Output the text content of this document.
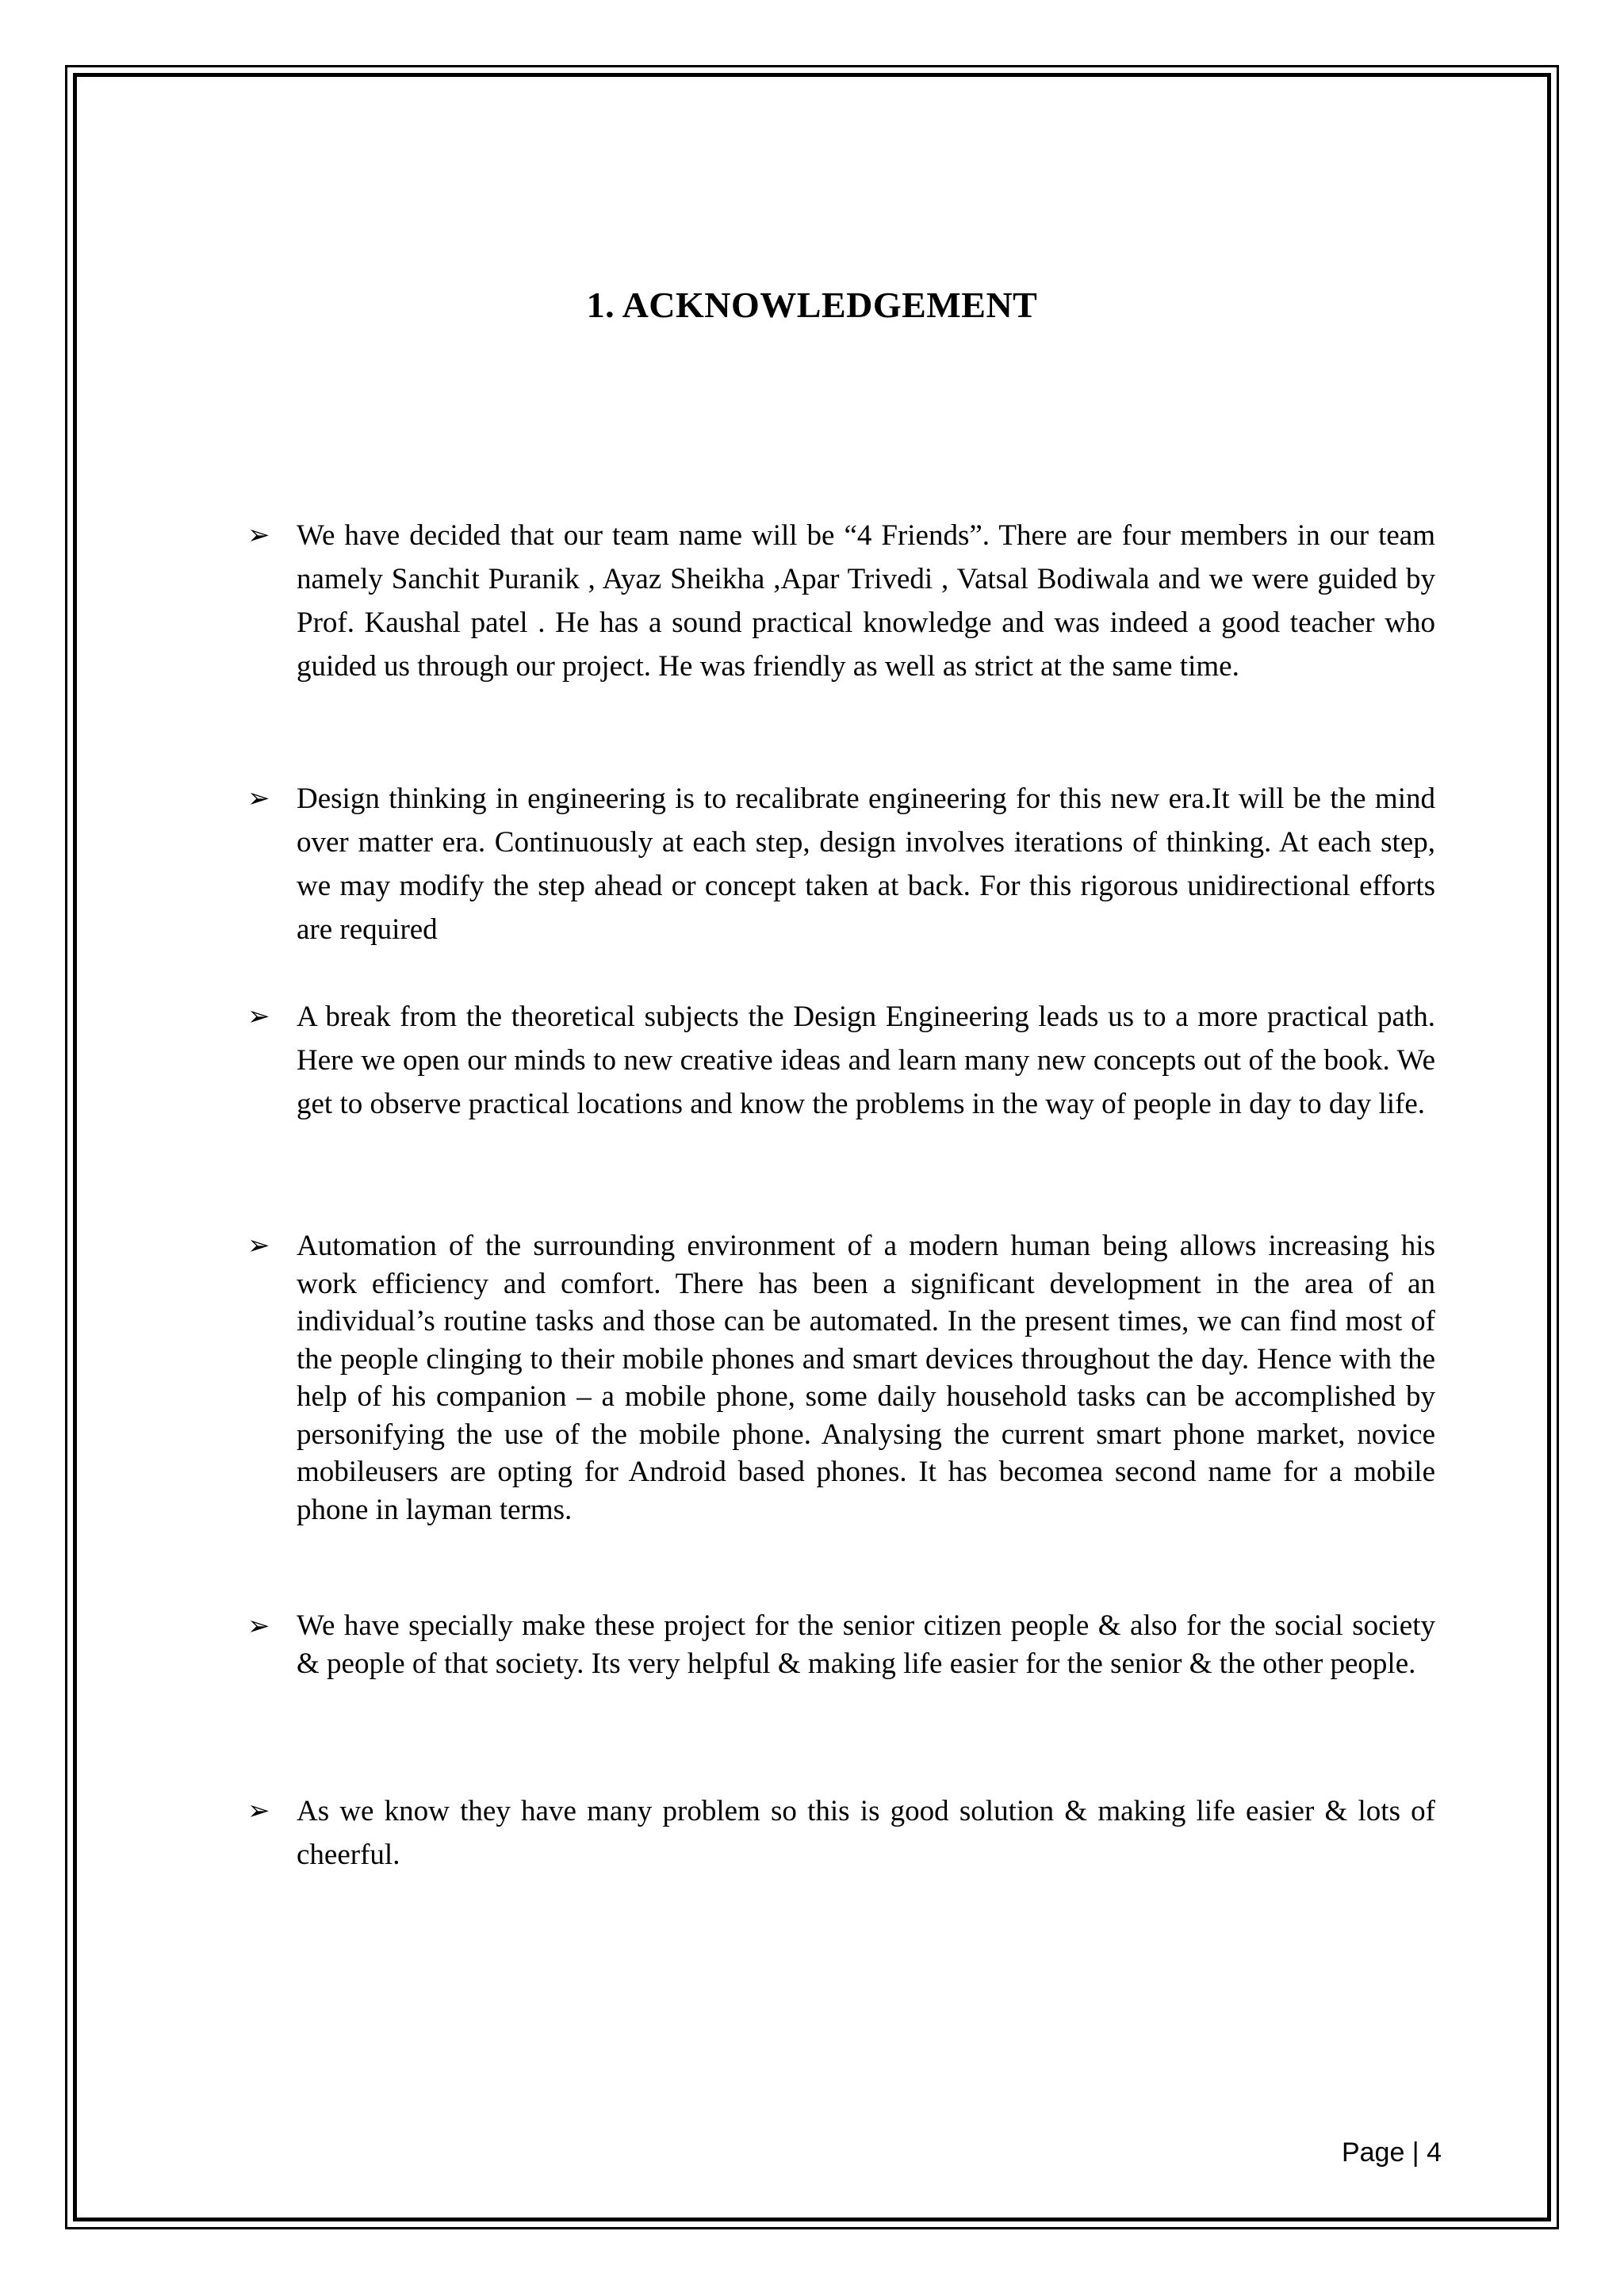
1. ACKNOWLEDGEMENT
➢ We have decided that our team name will be “4 Friends”. There are four members in our team namely Sanchit Puranik , Ayaz Sheikha ,Apar Trivedi , Vatsal Bodiwala and we were guided by Prof. Kaushal patel . He has a sound practical knowledge and was indeed a good teacher who guided us through our project. He was friendly as well as strict at the same time.
➢ Design thinking in engineering is to recalibrate engineering for this new era.It will be the mind over matter era. Continuously at each step, design involves iterations of thinking. At each step, we may modify the step ahead or concept taken at back. For this rigorous unidirectional efforts are required
➢ A break from the theoretical subjects the Design Engineering leads us to a more practical path. Here we open our minds to new creative ideas and learn many new concepts out of the book. We get to observe practical locations and know the problems in the way of people in day to day life.
➢ Automation of the surrounding environment of a modern human being allows increasing his work efficiency and comfort. There has been a significant development in the area of an individual’s routine tasks and those can be automated. In the present times, we can find most of the people clinging to their mobile phones and smart devices throughout the day. Hence with the help of his companion – a mobile phone, some daily household tasks can be accomplished by personifying the use of the mobile phone. Analysing the current smart phone market, novice mobileusers are opting for Android based phones. It has becomea second name for a mobile phone in layman terms.
➢ We have specially make these project for the senior citizen people & also for the social society & people of that society. Its very helpful & making life easier for the senior & the other people.
➢ As we know they have many problem so this is good solution & making life easier & lots of cheerful.
Page | 4
